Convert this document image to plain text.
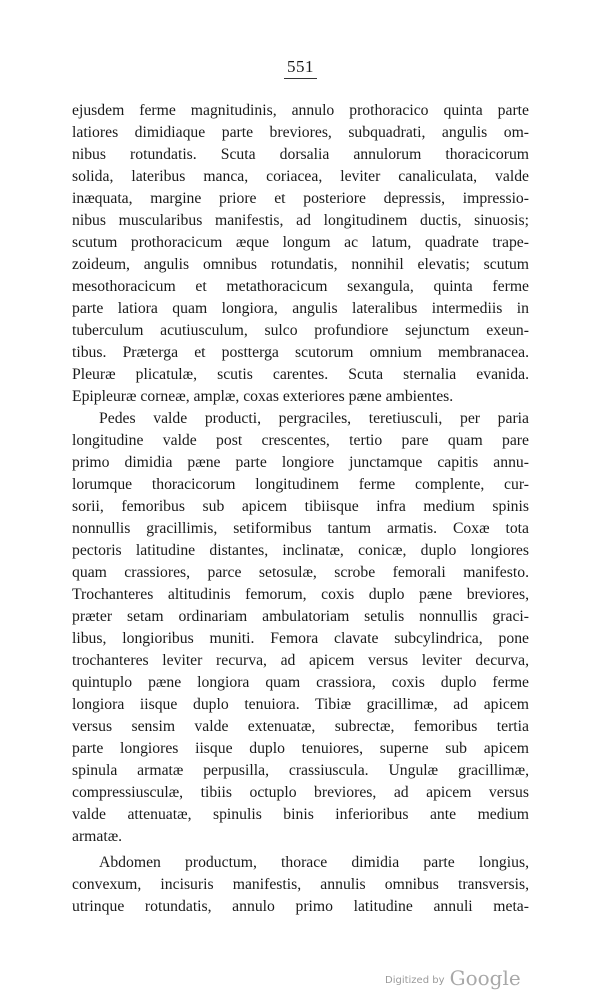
551
ejusdem ferme magnitudinis, annulo prothoracico quinta parte
latiores dimidiaque parte breviores, subquadrati, angulis om-
nibus rotundatis. Scuta dorsalia annulorum thoracicorum
solida, lateribus manca, coriacea, leviter canaliculata, valde
inæquata, margine priore et posteriore depressis, impressio-
nibus muscularibus manifestis, ad longitudinem ductis, sinuosis;
scutum prothoracicum æque longum ac latum, quadrate trape-
zoideum, angulis omnibus rotundatis, nonnihil elevatis; scutum
mesothoracicum et metathoracicum sexangula, quinta ferme
parte latiora quam longiora, angulis lateralibus intermediis in
tuberculum acutiusculum, sulco profundiore sejunctum exeun-
tibus. Præterga et postterga scutorum omnium membranacea.
Pleuræ plicatulæ, scutis carentes. Scuta sternalia evanida.
Epipleuræ corneæ, amplæ, coxas exteriores pæne ambientes.
Pedes valde producti, pergraciles, teretiusculi, per paria
longitudine valde post crescentes, tertio pare quam pare
primo dimidia pæne parte longiore junctamque capitis annu-
lorumque thoracicorum longitudinem ferme complente, cur-
sorii, femoribus sub apicem tibiisque infra medium spinis
nonnullis gracillimis, setiformibus tantum armatis. Coxæ tota
pectoris latitudine distantes, inclinatæ, conicæ, duplo longiores
quam crassiores, parce setosulæ, scrobe femorali manifesto.
Trochanteres altitudinis femorum, coxis duplo pæne breviores,
præter setam ordinariam ambulatoriam setulis nonnullis graci-
libus, longioribus muniti. Femora clavate subcylindrica, pone
trochanteres leviter recurva, ad apicem versus leviter decurva,
quintuplo pæne longiora quam crassiora, coxis duplo ferme
longiora iisque duplo tenuiora. Tibiæ gracillimæ, ad apicem
versus sensim valde extenuatæ, subrectæ, femoribus tertia
parte longiores iisque duplo tenuiores, superne sub apicem
spinula armatæ perpusilla, crassiuscula. Ungulæ gracillimæ,
compressiusculæ, tibiis octuplo breviores, ad apicem versus
valde attenuatæ, spinulis binis inferioribus ante medium
armatæ.
Abdomen productum, thorace dimidia parte longius,
convexum, incisuris manifestis, annulis omnibus transversis,
utrinque rotundatis, annulo primo latitudine annuli meta-
Digitized by Google
